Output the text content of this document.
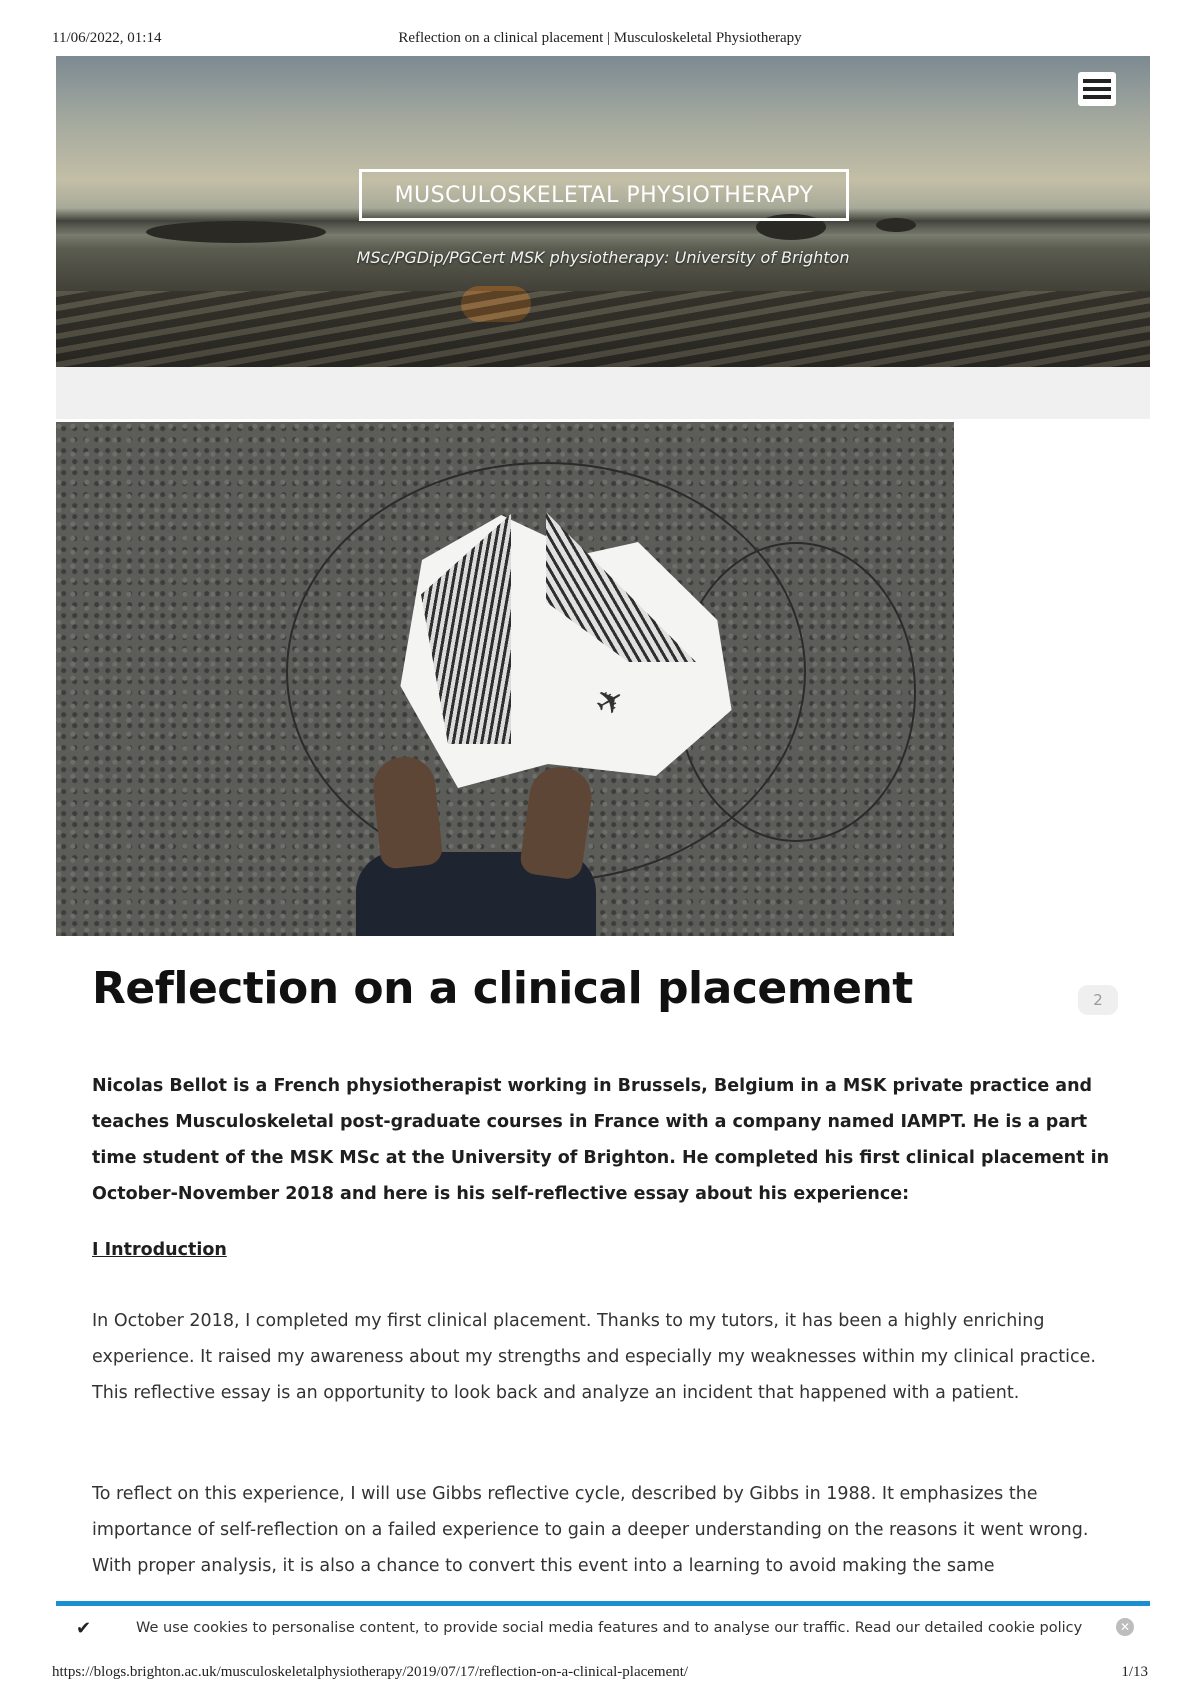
11/06/2022, 01:14	Reflection on a clinical placement | Musculoskeletal Physiotherapy
MUSCULOSKELETAL PHYSIOTHERAPY
MSc/PGDip/PGCert MSK physiotherapy: University of Brighton
✈
Reflection on a clinical placement	2

Nicolas Bellot is a French physiotherapist working in Brussels, Belgium in a MSK private practice and teaches Musculoskeletal post-graduate courses in France with a company named IAMPT. He is a part time student of the MSK MSc at the University of Brighton. He completed his first clinical placement in October-November 2018 and here is his self-reflective essay about his experience:

I Introduction

In October 2018, I completed my first clinical placement. Thanks to my tutors, it has been a highly enriching experience. It raised my awareness about my strengths and especially my weaknesses within my clinical practice. This reflective essay is an opportunity to look back and analyze an incident that happened with a patient.

To reflect on this experience, I will use Gibbs reflective cycle, described by Gibbs in 1988. It emphasizes the importance of self-reflection on a failed experience to gain a deeper understanding on the reasons it went wrong. With proper analysis, it is also a chance to convert this event into a learning to avoid making the same

✔	We use cookies to personalise content, to provide social media features and to analyse our traffic. Read our detailed cookie policy	✕
https://blogs.brighton.ac.uk/musculoskeletalphysiotherapy/2019/07/17/reflection-on-a-clinical-placement/	1/13
